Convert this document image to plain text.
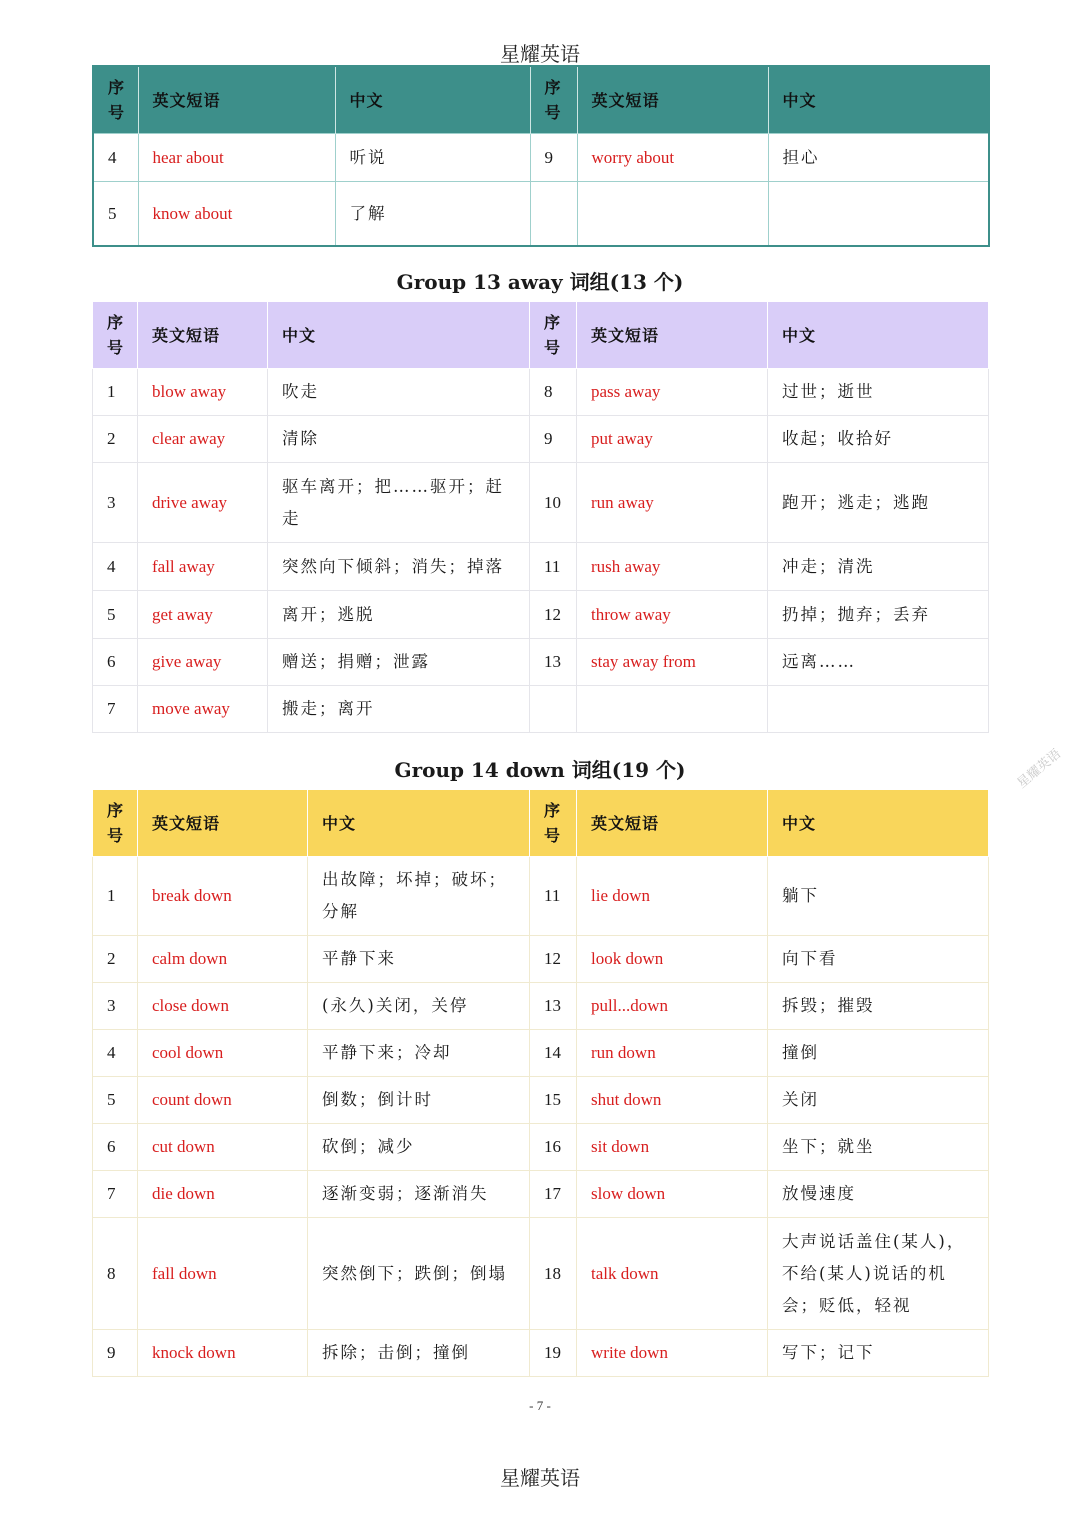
星耀英语
序号	英文短语	中文	序号	英文短语	中文
4	hear about	听说	9	worry about	担心
5	know about	了解			
Group 13 away 词组(13 个)
序号	英文短语	中文	序号	英文短语	中文
1	blow away	吹走	8	pass away	过世；逝世
2	clear away	清除	9	put away	收起；收拾好
3	drive away	驱车离开；把……驱开；赶走	10	run away	跑开；逃走；逃跑
4	fall away	突然向下倾斜；消失；掉落	11	rush away	冲走；清洗
5	get away	离开；逃脱	12	throw away	扔掉；抛弃；丢弃
6	give away	赠送；捐赠；泄露	13	stay away from	远离……
7	move away	搬走；离开			
Group 14 down 词组(19 个)	星耀英语
序号	英文短语	中文	序号	英文短语	中文
1	break down	出故障；坏掉；破坏；分解	11	lie down	躺下
2	calm down	平静下来	12	look down	向下看
3	close down	(永久)关闭，关停	13	pull...down	拆毁；摧毁
4	cool down	平静下来；冷却	14	run down	撞倒
5	count down	倒数；倒计时	15	shut down	关闭
6	cut down	砍倒；减少	16	sit down	坐下；就坐
7	die down	逐渐变弱；逐渐消失	17	slow down	放慢速度
8	fall down	突然倒下；跌倒；倒塌	18	talk down	大声说话盖住(某人)，不给(某人)说话的机会；贬低，轻视
9	knock down	拆除；击倒；撞倒	19	write down	写下；记下
- 7 -
星耀英语
